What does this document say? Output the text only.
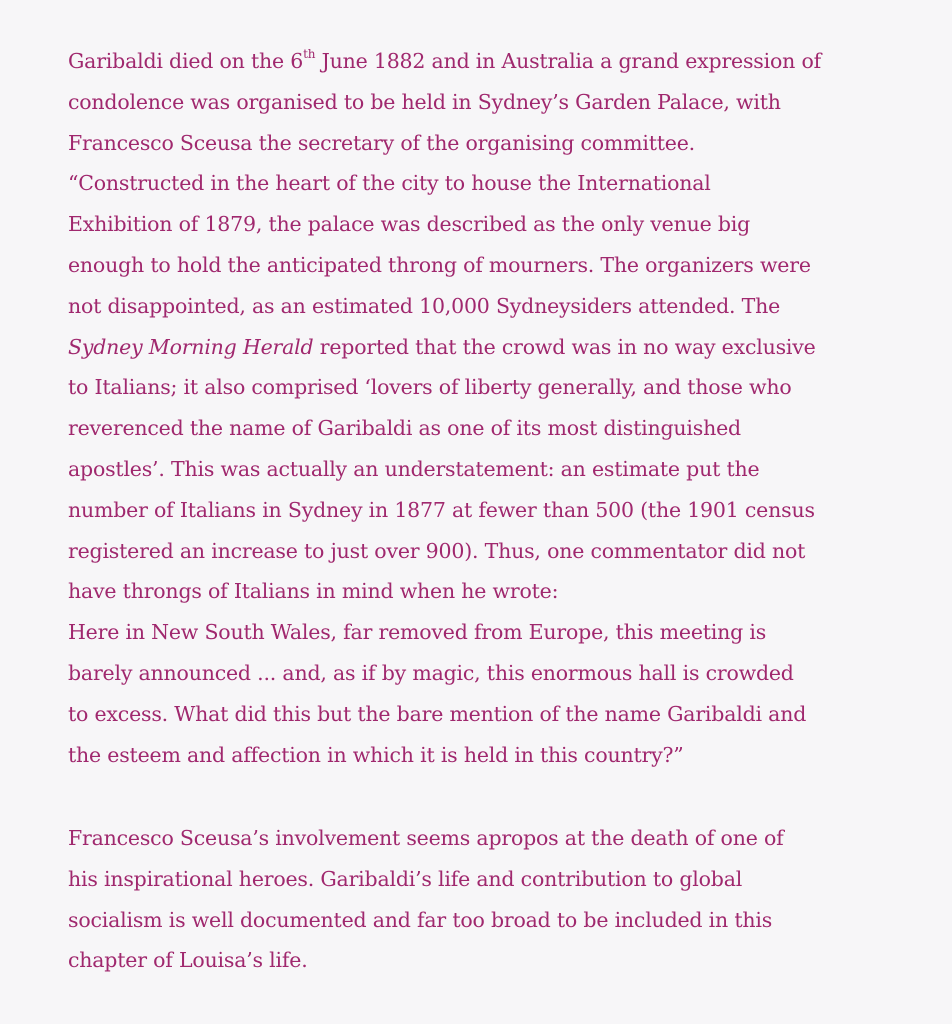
Garibaldi died on the 6th June 1882 and in Australia a grand expression of
condolence was organised to be held in Sydney’s Garden Palace, with
Francesco Sceusa the secretary of the organising committee.
“Constructed in the heart of the city to house the International
Exhibition of 1879, the palace was described as the only venue big
enough to hold the anticipated throng of mourners. The organizers were
not disappointed, as an estimated 10,000 Sydneysiders attended. The
Sydney Morning Herald reported that the crowd was in no way exclusive
to Italians; it also comprised ‘lovers of liberty generally, and those who
reverenced the name of Garibaldi as one of its most distinguished
apostles’. This was actually an understatement: an estimate put the
number of Italians in Sydney in 1877 at fewer than 500 (the 1901 census
registered an increase to just over 900). Thus, one commentator did not
have throngs of Italians in mind when he wrote:
Here in New South Wales, far removed from Europe, this meeting is
barely announced ... and, as if by magic, this enormous hall is crowded
to excess. What did this but the bare mention of the name Garibaldi and
the esteem and affection in which it is held in this country?”
Francesco Sceusa’s involvement seems apropos at the death of one of
his inspirational heroes. Garibaldi’s life and contribution to global
socialism is well documented and far too broad to be included in this
chapter of Louisa’s life.
